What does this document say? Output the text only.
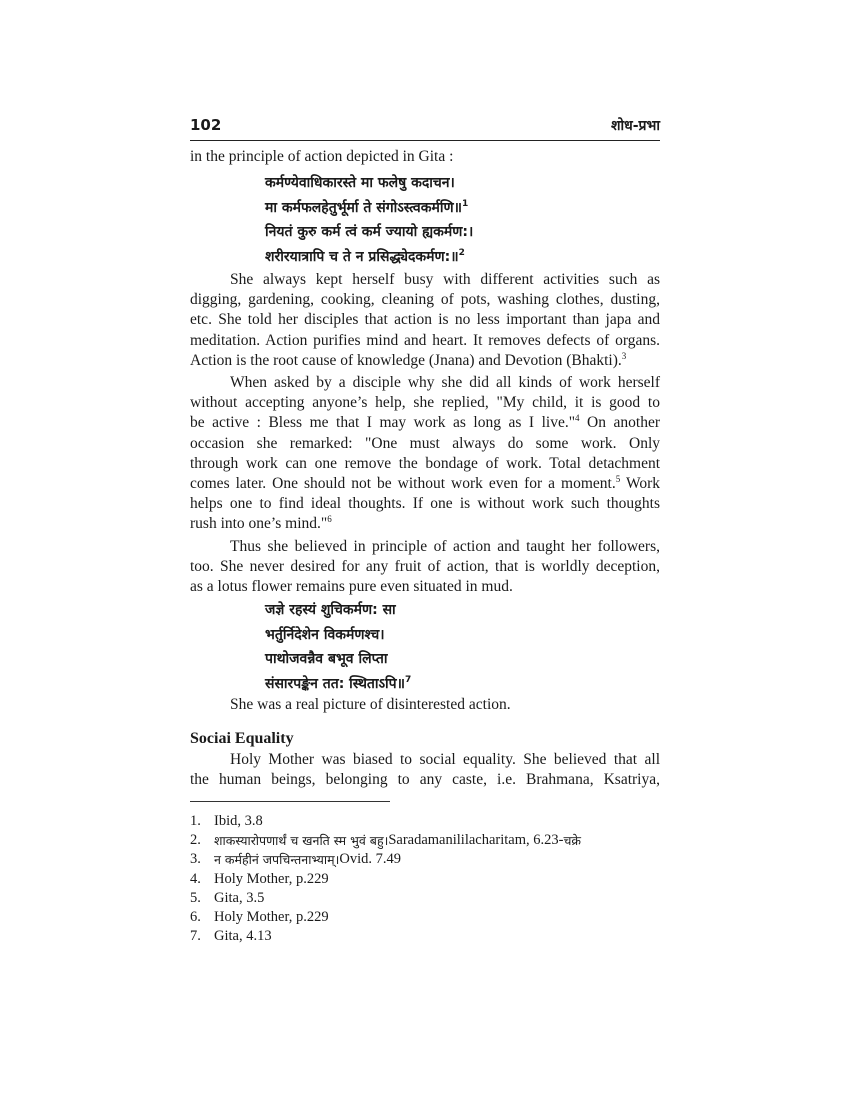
102	शोध-प्रभा
in the principle of action depicted in Gita :
कर्मण्येवाधिकारस्ते मा फलेषु कदाचन।
मा कर्मफलहेतुर्भूर्मा ते संगोऽस्त्वकर्मणि॥$^1$
नियतं कुरु कर्म त्वं कर्म ज्यायो ह्यकर्मण:।
शरीरयात्रापि च ते न प्रसिद्ध्येदकर्मण:॥$^2$
She always kept herself busy with different activities such as
digging, gardening, cooking, cleaning of pots, washing clothes, dusting,
etc. She told her disciples that action is no less important than japa and
meditation. Action purifies mind and heart. It removes defects of organs.
Action is the root cause of knowledge (Jnana) and Devotion (Bhakti).$^3$
When asked by a disciple why she did all kinds of work herself
without accepting anyone’s help, she replied, "My child, it is good to
be active : Bless me that I may work as long as I live."$^4$ On another
occasion she remarked: "One must always do some work. Only
through work can one remove the bondage of work. Total detachment
comes later. One should not be without work even for a moment.$^5$ Work
helps one to find ideal thoughts. If one is without work such thoughts
rush into one’s mind."$^6$
Thus she believed in principle of action and taught her followers,
too. She never desired for any fruit of action, that is worldly deception,
as a lotus flower remains pure even situated in mud.
जज्ञे रहस्यं शुचिकर्मण: सा
भर्तुर्निदेशेन विकर्मणश्च।
पाथोजवन्नैव बभूव लिप्ता
संसारपङ्केन तत: स्थिताऽपि॥$^7$
She was a real picture of disinterested action.
Sociai Equality
Holy Mother was biased to social equality. She believed that all
the human beings, belonging to any caste, i.e. Brahmana, Ksatriya,
1. Ibid, 3.8
2.	शाकस्यारोपणार्थं च खनति स्म भुवं बहु। Saradamanililacharitam, 6.23- चक्रे
3.	न कर्महीनं जपचिन्तनाभ्याम्। Ovid. 7.49
4. Holy Mother, p.229
5. Gita, 3.5
6. Holy Mother, p.229
7. Gita, 4.13
